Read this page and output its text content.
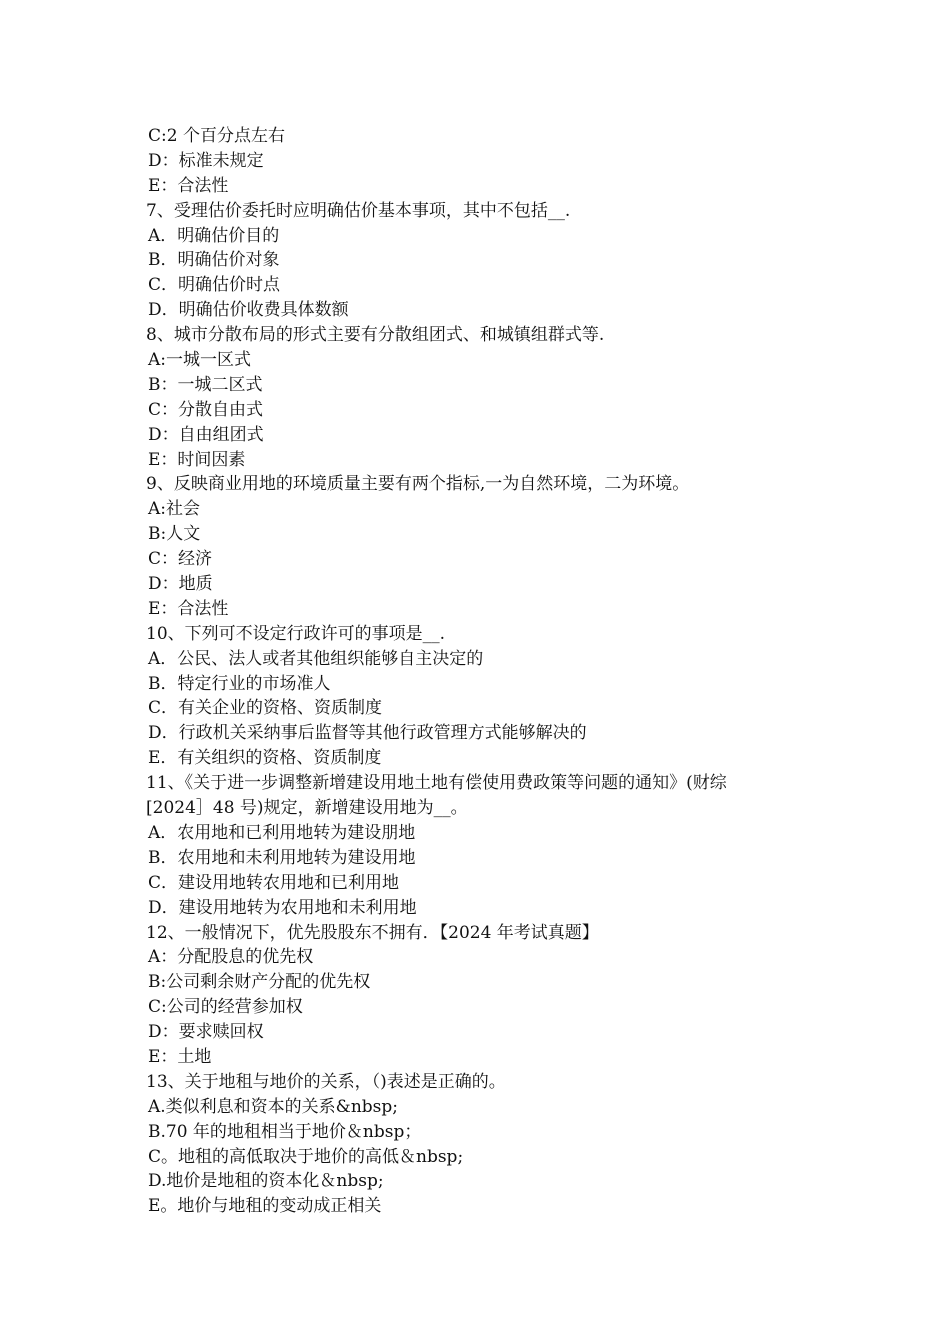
C:2 个百分点左右
D：标准未规定
E：合法性
7、受理估价委托时应明确估价基本事项，其中不包括__.
A．明确估价目的
B．明确估价对象
C．明确估价时点
D．明确估价收费具体数额
8、城市分散布局的形式主要有分散组团式、和城镇组群式等.
A:一城一区式
B：一城二区式
C：分散自由式
D：自由组团式
E：时间因素
9、反映商业用地的环境质量主要有两个指标,一为自然环境，二为环境。
A:社会
B:人文
C：经济
D：地质
E：合法性
10、下列可不设定行政许可的事项是__.
A．公民、法人或者其他组织能够自主决定的
B．特定行业的市场准人
C．有关企业的资格、资质制度
D．行政机关采纳事后监督等其他行政管理方式能够解决的
E．有关组织的资格、资质制度
11、《关于进一步调整新增建设用地土地有偿使用费政策等问题的通知》(财综
[2024］48 号)规定，新增建设用地为__。
A．农用地和已利用地转为建设朋地
B．农用地和未利用地转为建设用地
C．建设用地转农用地和已利用地
D．建设用地转为农用地和未利用地
12、一般情况下，优先股股东不拥有．【2024 年考试真题】
A：分配股息的优先权
B:公司剩余财产分配的优先权
C:公司的经营参加权
D：要求赎回权
E：土地
13、关于地租与地价的关系，（)表述是正确的。
A.类似利息和资本的关系&nbsp;
B.70 年的地租相当于地价＆nbsp；
C。地租的高低取决于地价的高低＆nbsp;
D.地价是地租的资本化＆nbsp;
E。地价与地租的变动成正相关
